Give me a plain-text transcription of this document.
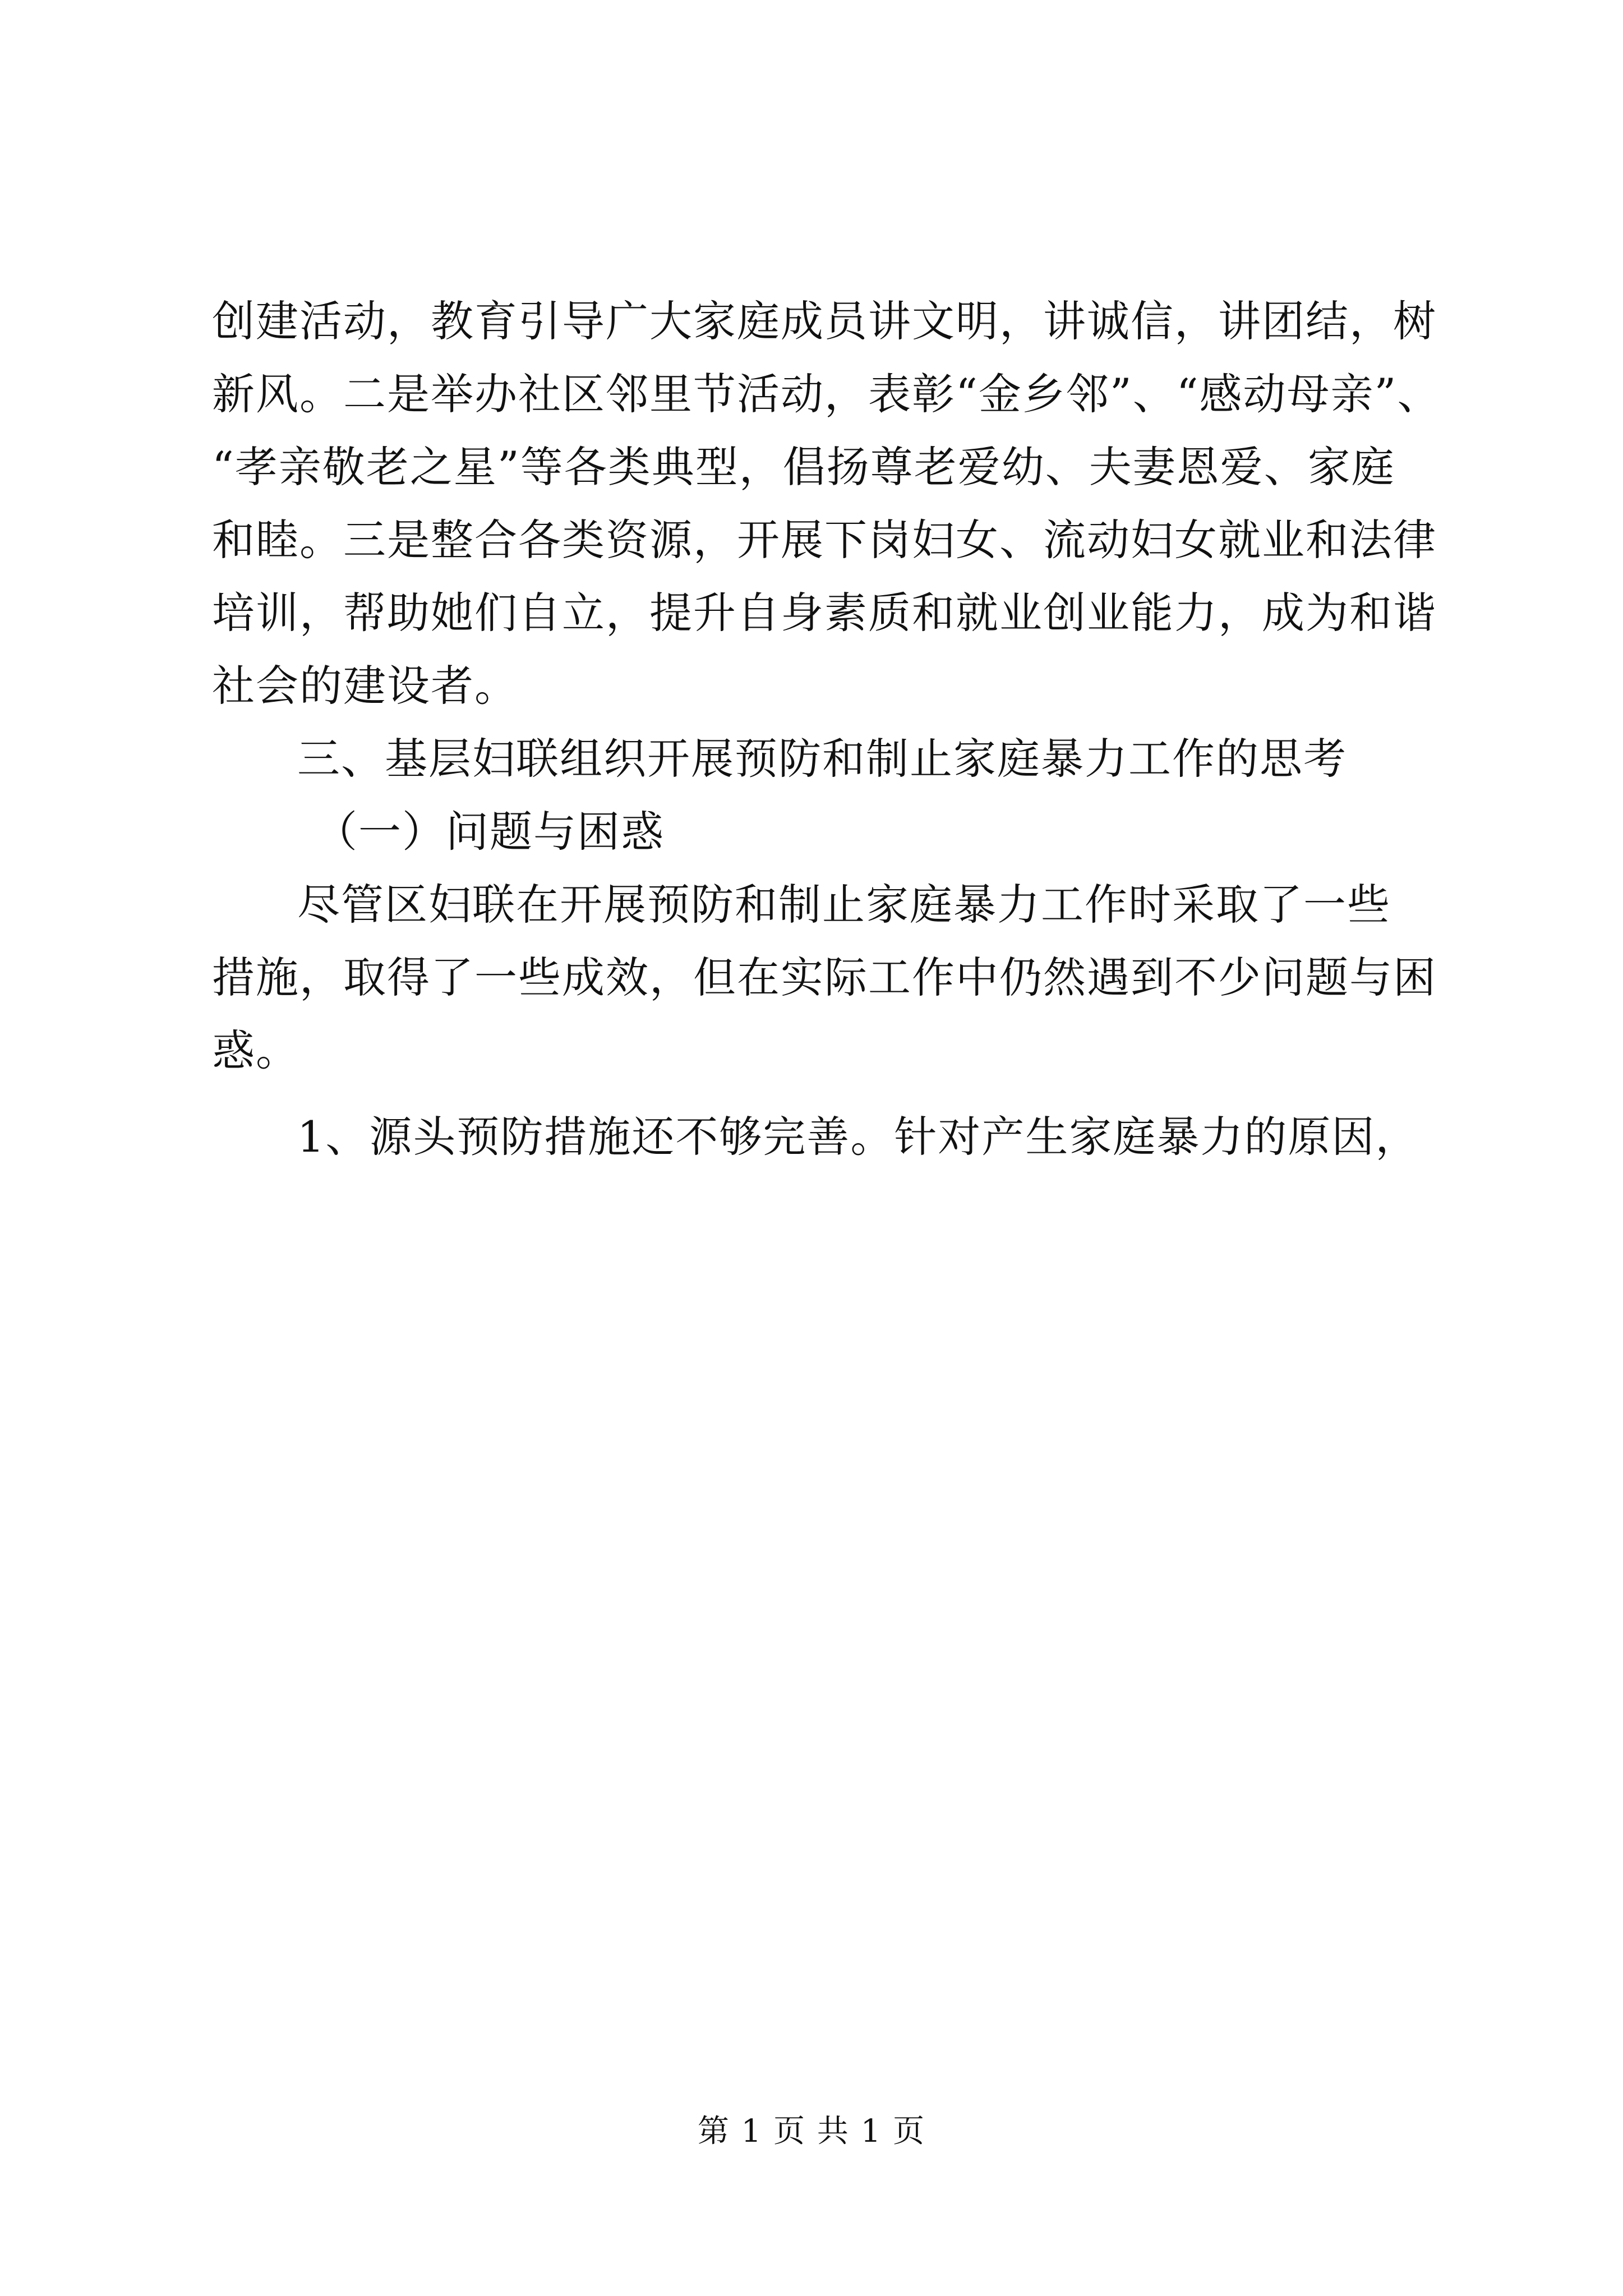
创建活动，教育引导广大家庭成员讲文明，讲诚信，讲团结，树
新风。二是举办社区邻里节活动，表彰“金乡邻”、“感动母亲”、
“孝亲敬老之星”等各类典型，倡扬尊老爱幼、夫妻恩爱、家庭
和睦。三是整合各类资源，开展下岗妇女、流动妇女就业和法律
培训，帮助她们自立，提升自身素质和就业创业能力，成为和谐
社会的建设者。
三、基层妇联组织开展预防和制止家庭暴力工作的思考
（一）问题与困惑
尽管区妇联在开展预防和制止家庭暴力工作时采取了一些
措施，取得了一些成效，但在实际工作中仍然遇到不少问题与困
惑。
1、源头预防措施还不够完善。针对产生家庭暴力的原因，
第 1 页 共 1 页
